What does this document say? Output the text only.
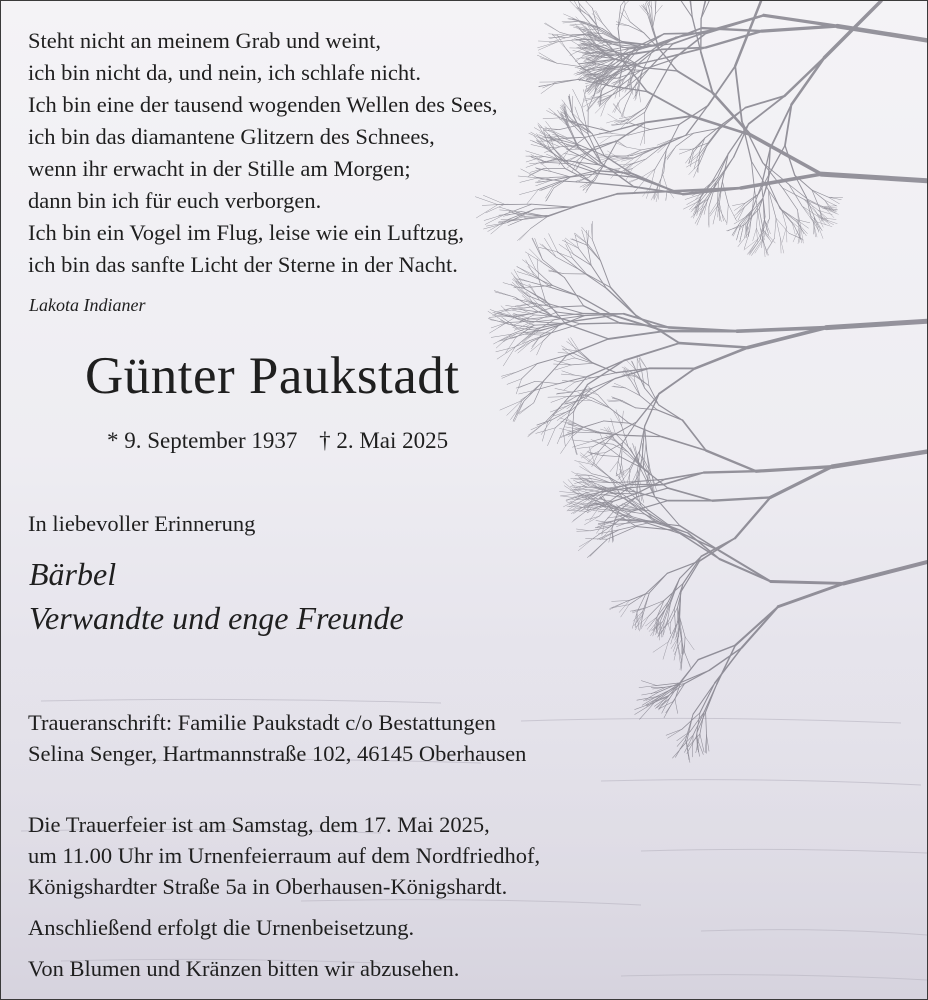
Steht nicht an meinem Grab und weint,
ich bin nicht da, und nein, ich schlafe nicht.
Ich bin eine der tausend wogenden Wellen des Sees,
ich bin das diamantene Glitzern des Schnees,
wenn ihr erwacht in der Stille am Morgen;
dann bin ich für euch verborgen.
Ich bin ein Vogel im Flug, leise wie ein Luftzug,
ich bin das sanfte Licht der Sterne in der Nacht.
Lakota Indianer
Günter Paukstadt
* 9. September 1937 † 2. Mai 2025
In liebevoller Erinnerung
Bärbel
Verwandte und enge Freunde
Traueranschrift: Familie Paukstadt c/o Bestattungen
Selina Senger, Hartmannstraße 102, 46145 Oberhausen
Die Trauerfeier ist am Samstag, dem 17. Mai 2025,
um 11.00 Uhr im Urnenfeierraum auf dem Nordfriedhof,
Königshardter Straße 5a in Oberhausen-Königshardt.
Anschließend erfolgt die Urnenbeisetzung.
Von Blumen und Kränzen bitten wir abzusehen.
